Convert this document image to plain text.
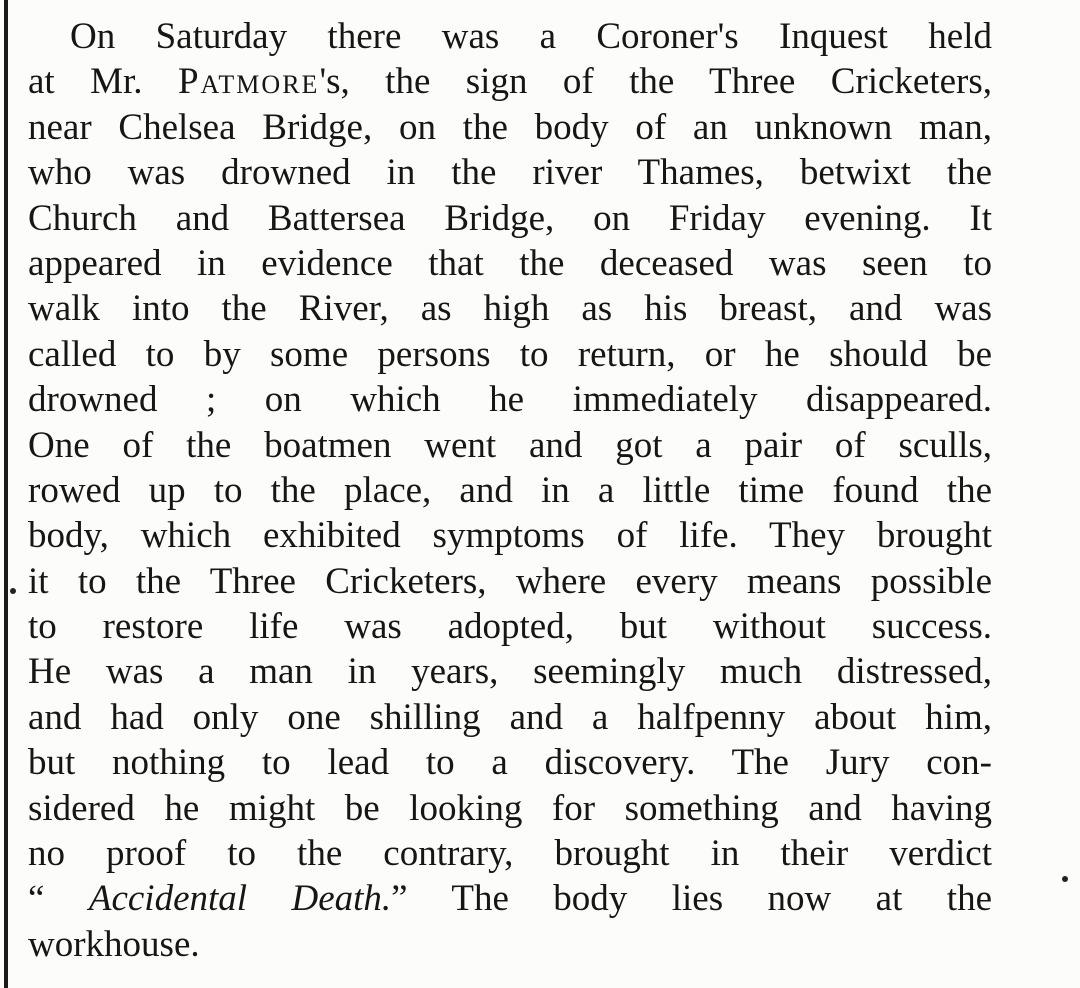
On Saturday there was a Coroner's Inquest held
at Mr. Patmore's, the sign of the Three Cricketers,
near Chelsea Bridge, on the body of an unknown man,
who was drowned in the river Thames, betwixt the
Church and Battersea Bridge, on Friday evening. It
appeared in evidence that the deceased was seen to
walk into the River, as high as his breast, and was
called to by some persons to return, or he should be
drowned ; on which he immediately disappeared.
One of the boatmen went and got a pair of sculls,
rowed up to the place, and in a little time found the
body, which exhibited symptoms of life. They brought
it to the Three Cricketers, where every means possible
to restore life was adopted, but without success.
He was a man in years, seemingly much distressed,
and had only one shilling and a halfpenny about him,
but nothing to lead to a discovery. The Jury con-
sidered he might be looking for something and having
no proof to the contrary, brought in their verdict
“ Accidental Death.” The body lies now at the
workhouse.
